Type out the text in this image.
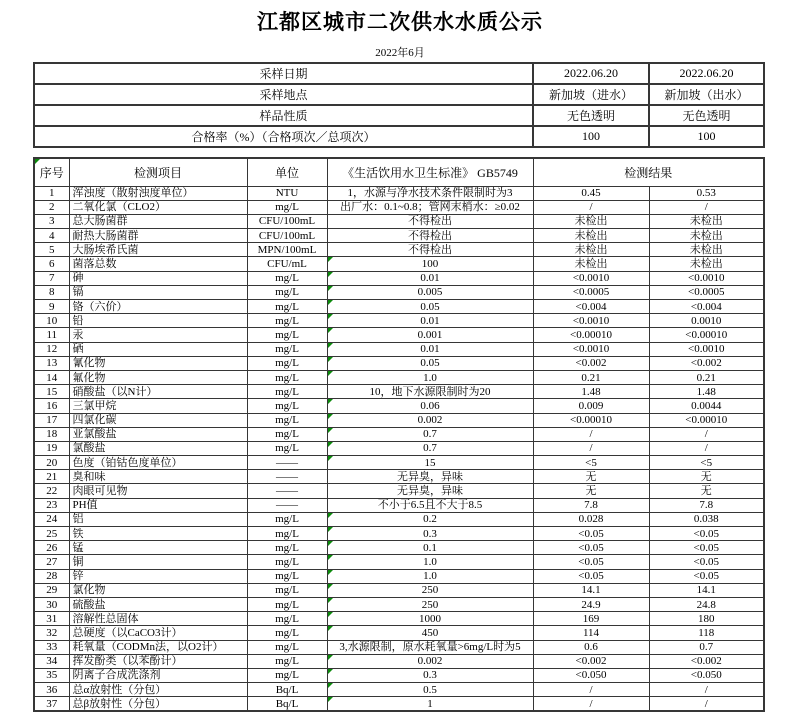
江都区城市二次供水水质公示
2022年6月
采样日期	2022.06.20	2022.06.20
采样地点	新加坡（进水）	新加坡（出水）
样品性质	无色透明	无色透明
合格率（%）（合格项次／总项次）	100	100
序号	检测项目	单位	《生活饮用水卫生标准》 GB5749	检测结果	
1	浑浊度（散射浊度单位）	NTU	1，水源与净水技术条件限制时为3	0.45	0.53
2	二氧化氯（CLO2）	mg/L	出厂水：0.1~0.8；管网末梢水：≥0.02	/	/
3	总大肠菌群	CFU/100mL	不得检出	未检出	未检出
4	耐热大肠菌群	CFU/100mL	不得检出	未检出	未检出
5	大肠埃希氏菌	MPN/100mL	不得检出	未检出	未检出
6	菌落总数	CFU/mL	100	未检出	未检出
7	砷	mg/L	0.01	<0.0010	<0.0010
8	镉	mg/L	0.005	<0.0005	<0.0005
9	铬（六价）	mg/L	0.05	<0.004	<0.004
10	铅	mg/L	0.01	<0.0010	0.0010
11	汞	mg/L	0.001	<0.00010	<0.00010
12	硒	mg/L	0.01	<0.0010	<0.0010
13	氰化物	mg/L	0.05	<0.002	<0.002
14	氟化物	mg/L	1.0	0.21	0.21
15	硝酸盐（以N计）	mg/L	10，地下水源限制时为20	1.48	1.48
16	三氯甲烷	mg/L	0.06	0.009	0.0044
17	四氯化碳	mg/L	0.002	<0.00010	<0.00010
18	亚氯酸盐	mg/L	0.7	/	/
19	氯酸盐	mg/L	0.7	/	/
20	色度（铂钴色度单位）	——	15	<5	<5
21	臭和味	——	无异臭，异味	无	无
22	肉眼可见物	——	无异臭，异味	无	无
23	PH值	——	不小于6.5且不大于8.5	7.8	7.8
24	铝	mg/L	0.2	0.028	0.038
25	铁	mg/L	0.3	<0.05	<0.05
26	锰	mg/L	0.1	<0.05	<0.05
27	铜	mg/L	1.0	<0.05	<0.05
28	锌	mg/L	1.0	<0.05	<0.05
29	氯化物	mg/L	250	14.1	14.1
30	硫酸盐	mg/L	250	24.9	24.8
31	溶解性总固体	mg/L	1000	169	180
32	总硬度（以CaCO3计）	mg/L	450	114	118
33	耗氧量（CODMn法，以O2计）	mg/L	3,水源限制，原水耗氧量>6mg/L时为5	0.6	0.7
34	挥发酚类（以苯酚计）	mg/L	0.002	<0.002	<0.002
35	阴离子合成洗涤剂	mg/L	0.3	<0.050	<0.050
36	总α放射性（分包）	Bq/L	0.5	/	/
37	总β放射性（分包）	Bq/L	1	/	/
